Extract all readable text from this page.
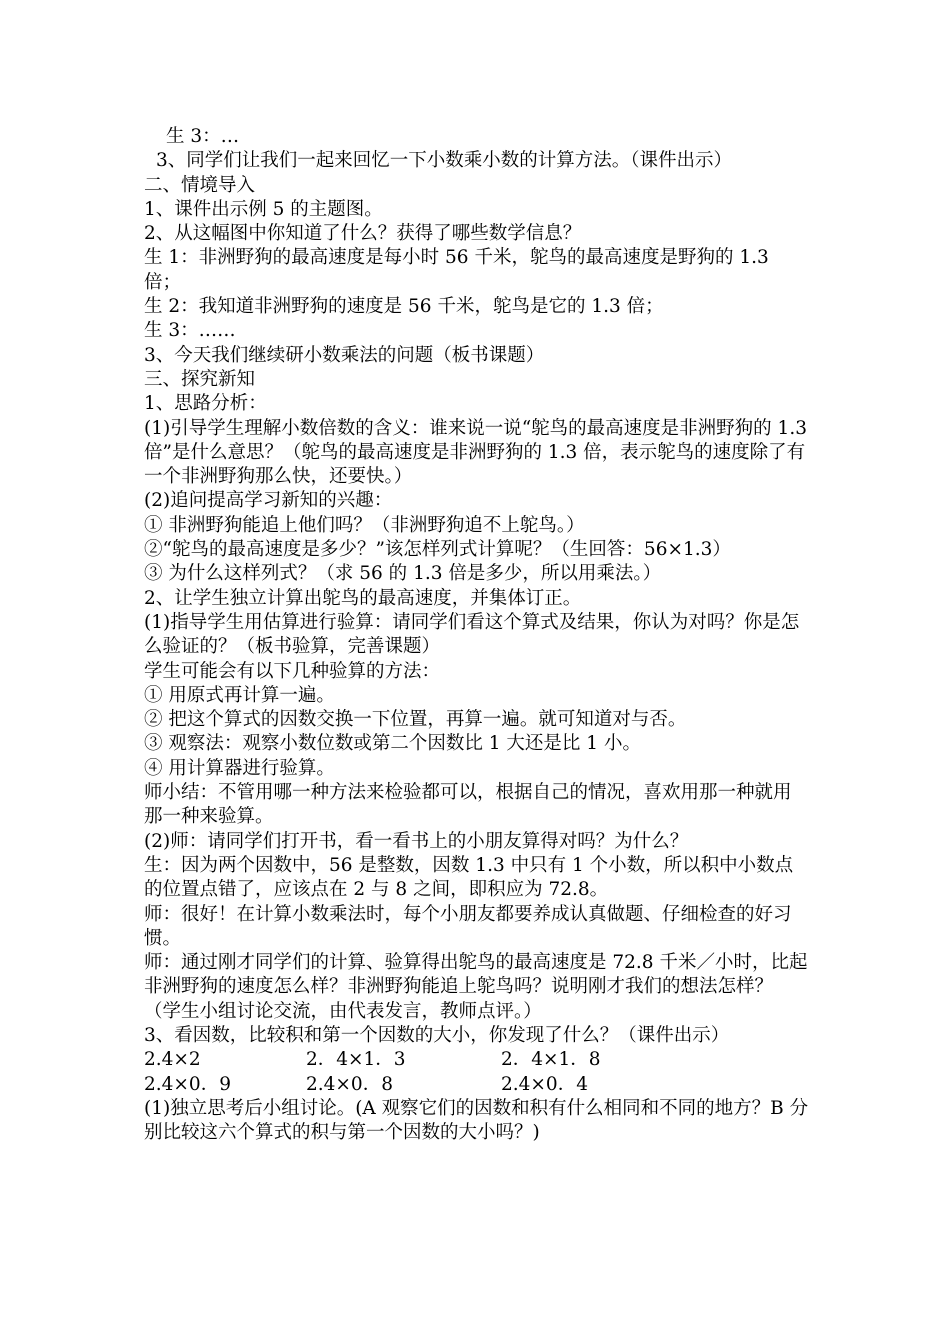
生 3：…

3、同学们让我们一起来回忆一下小数乘小数的计算方法。（课件出示）

二、情境导入

1、课件出示例 5 的主题图。

2、从这幅图中你知道了什么？获得了哪些数学信息？

生 1：非洲野狗的最高速度是每小时 56 千米，鸵鸟的最高速度是野狗的 1.3 倍；

生 2：我知道非洲野狗的速度是 56 千米，鸵鸟是它的 1.3 倍；

生 3：……

3、今天我们继续研小数乘法的问题（板书课题）

三、探究新知

1、思路分析：

(1)引导学生理解小数倍数的含义：谁来说一说“鸵鸟的最高速度是非洲野狗的 1.3 倍”是什么意思？（鸵鸟的最高速度是非洲野狗的 1.3 倍，表示鸵鸟的速度除了有一个非洲野狗那么快，还要快。）

(2)追问提高学习新知的兴趣：

① 非洲野狗能追上他们吗？（非洲野狗追不上鸵鸟。）

②“鸵鸟的最高速度是多少？”该怎样列式计算呢？（生回答：56×1.3）

③ 为什么这样列式？（求 56 的 1.3 倍是多少，所以用乘法。）

2、让学生独立计算出鸵鸟的最高速度，并集体订正。

(1)指导学生用估算进行验算：请同学们看这个算式及结果，你认为对吗？你是怎么验证的？（板书验算，完善课题）

学生可能会有以下几种验算的方法：

① 用原式再计算一遍。

② 把这个算式的因数交换一下位置，再算一遍。就可知道对与否。

③ 观察法：观察小数位数或第二个因数比 1 大还是比 1 小。

④ 用计算器进行验算。

师小结：不管用哪一种方法来检验都可以，根据自己的情况，喜欢用那一种就用那一种来验算。

(2)师：请同学们打开书，看一看书上的小朋友算得对吗？为什么？

生：因为两个因数中，56 是整数，因数 1.3 中只有 1 个小数，所以积中小数点的位置点错了，应该点在 2 与 8 之间，即积应为 72.8。

师：很好！在计算小数乘法时，每个小朋友都要养成认真做题、仔细检查的好习惯。

师：通过刚才同学们的计算、验算得出鸵鸟的最高速度是 72.8 千米／小时，比起非洲野狗的速度怎么样？非洲野狗能追上鸵鸟吗？说明刚才我们的想法怎样？（学生小组讨论交流，由代表发言，教师点评。）

3、看因数，比较积和第一个因数的大小，你发现了什么？（课件出示）

2.4×2	2．4×1．3	2．4×1．8
2.4×0．9	2.4×0．8	2.4×0．4

(1)独立思考后小组讨论。(A 观察它们的因数和积有什么相同和不同的地方？B 分别比较这六个算式的积与第一个因数的大小吗？)
